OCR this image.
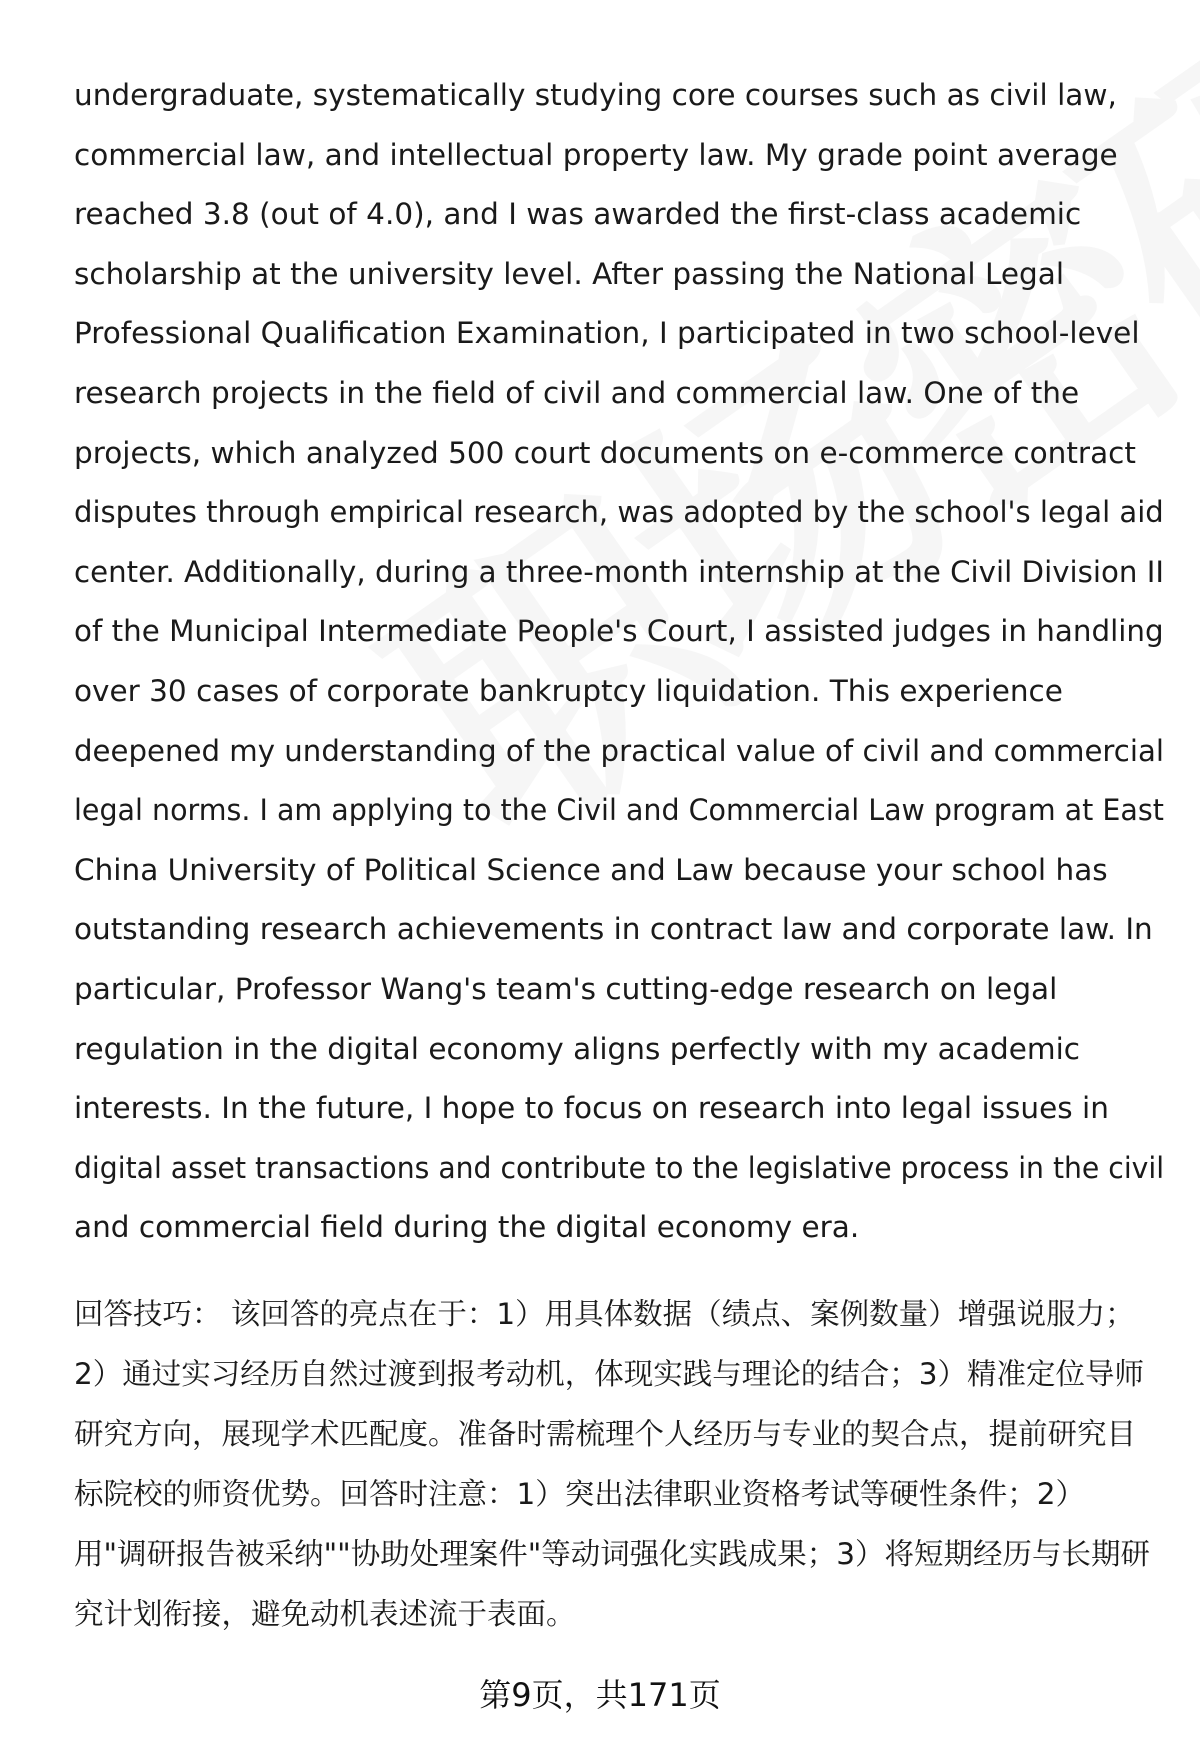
undergraduate, systematically studying core courses such as civil law,
commercial law, and intellectual property law. My grade point average
reached 3.8 (out of 4.0), and I was awarded the first-class academic
scholarship at the university level. After passing the National Legal
Professional Qualification Examination, I participated in two school-level
research projects in the field of civil and commercial law. One of the
projects, which analyzed 500 court documents on e-commerce contract
disputes through empirical research, was adopted by the school's legal aid
center. Additionally, during a three-month internship at the Civil Division II
of the Municipal Intermediate People's Court, I assisted judges in handling
over 30 cases of corporate bankruptcy liquidation. This experience
deepened my understanding of the practical value of civil and commercial
legal norms. I am applying to the Civil and Commercial Law program at East
China University of Political Science and Law because your school has
outstanding research achievements in contract law and corporate law. In
particular, Professor Wang's team's cutting-edge research on legal
regulation in the digital economy aligns perfectly with my academic
interests. In the future, I hope to focus on research into legal issues in
digital asset transactions and contribute to the legislative process in the civil
and commercial field during the digital economy era.
回答技巧： 该回答的亮点在于：1）用具体数据（绩点、案例数量）增强说服力；
2）通过实习经历自然过渡到报考动机，体现实践与理论的结合；3）精准定位导师
研究方向，展现学术匹配度。准备时需梳理个人经历与专业的契合点，提前研究目
标院校的师资优势。回答时注意：1）突出法律职业资格考试等硬性条件；2）
用"调研报告被采纳""协助处理案件"等动词强化实践成果；3）将短期经历与长期研
究计划衔接，避免动机表述流于表面。
第9页，共171页
